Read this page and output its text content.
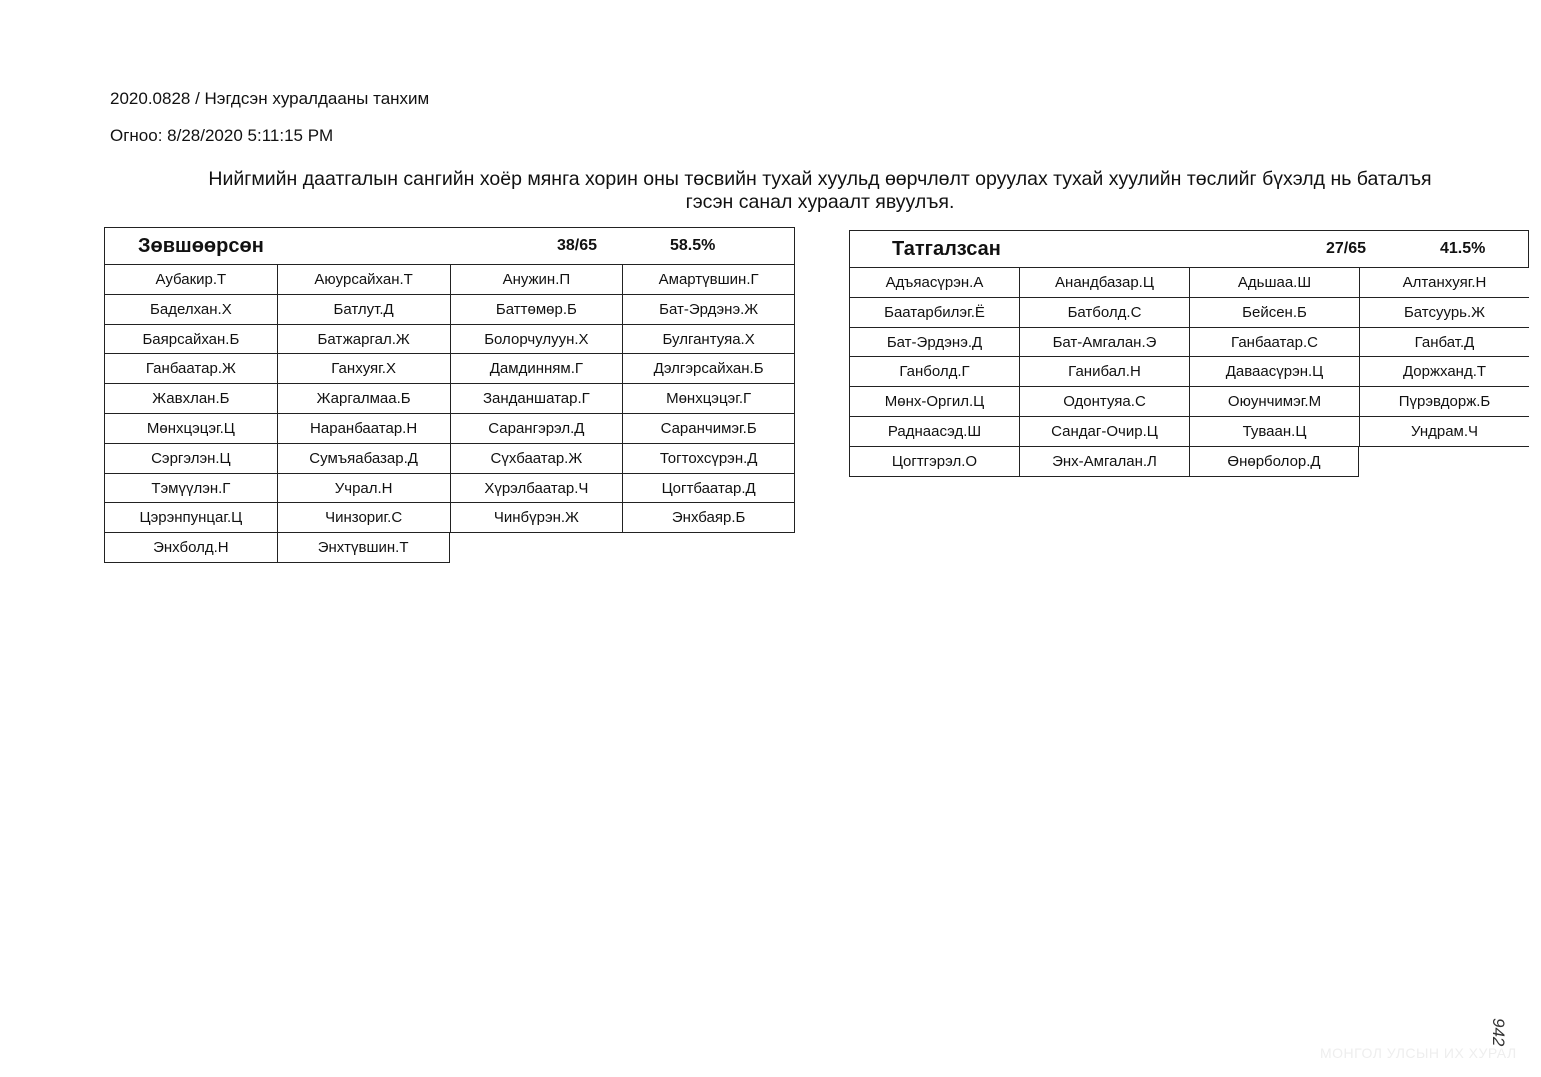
2020.0828 / Нэгдсэн хуралдааны танхим
Огноо: 8/28/2020 5:11:15 PM
Нийгмийн даатгалын сангийн хоёр мянга хорин оны төсвийн тухай хуульд өөрчлөлт оруулах тухай хуулийн төслийг бүхэлд нь баталъя
гэсэн санал хураалт явуулъя.
Зөвшөөрсөн	38/65	58.5%
Аубакир.Т	Аюурсайхан.Т	Анужин.П	Амартүвшин.Г
Баделхан.Х	Батлут.Д	Баттөмөр.Б	Бат-Эрдэнэ.Ж
Баярсайхан.Б	Батжаргал.Ж	Болорчулуун.Х	Булгантуяа.Х
Ганбаатар.Ж	Ганхуяг.Х	Дамдинням.Г	Дэлгэрсайхан.Б
Жавхлан.Б	Жаргалмаа.Б	Занданшатар.Г	Мөнхцэцэг.Г
Мөнхцэцэг.Ц	Наранбаатар.Н	Сарангэрэл.Д	Саранчимэг.Б
Сэргэлэн.Ц	Сумъяабазар.Д	Сүхбаатар.Ж	Тогтохсүрэн.Д
Тэмүүлэн.Г	Учрал.Н	Хүрэлбаатар.Ч	Цогтбаатар.Д
Цэрэнпунцаг.Ц	Чинзориг.С	Чинбүрэн.Ж	Энхбаяр.Б
Энхболд.Н	Энхтүвшин.Т
Татгалзсан	27/65	41.5%
Адъяасүрэн.А	Анандбазар.Ц	Адьшаа.Ш	Алтанхуяг.Н
Баатарбилэг.Ё	Батболд.С	Бейсен.Б	Батсуурь.Ж
Бат-Эрдэнэ.Д	Бат-Амгалан.Э	Ганбаатар.С	Ганбат.Д
Ганболд.Г	Ганибал.Н	Даваасүрэн.Ц	Доржханд.Т
Мөнх-Оргил.Ц	Одонтуяа.С	Оюунчимэг.М	Пүрэвдорж.Б
Раднаасэд.Ш	Сандаг-Очир.Ц	Туваан.Ц	Ундрам.Ч
Цогтгэрэл.О	Энх-Амгалан.Л	Өнөрболор.Д
942
МОНГОЛ УЛСЫН ИХ ХУРАЛ
